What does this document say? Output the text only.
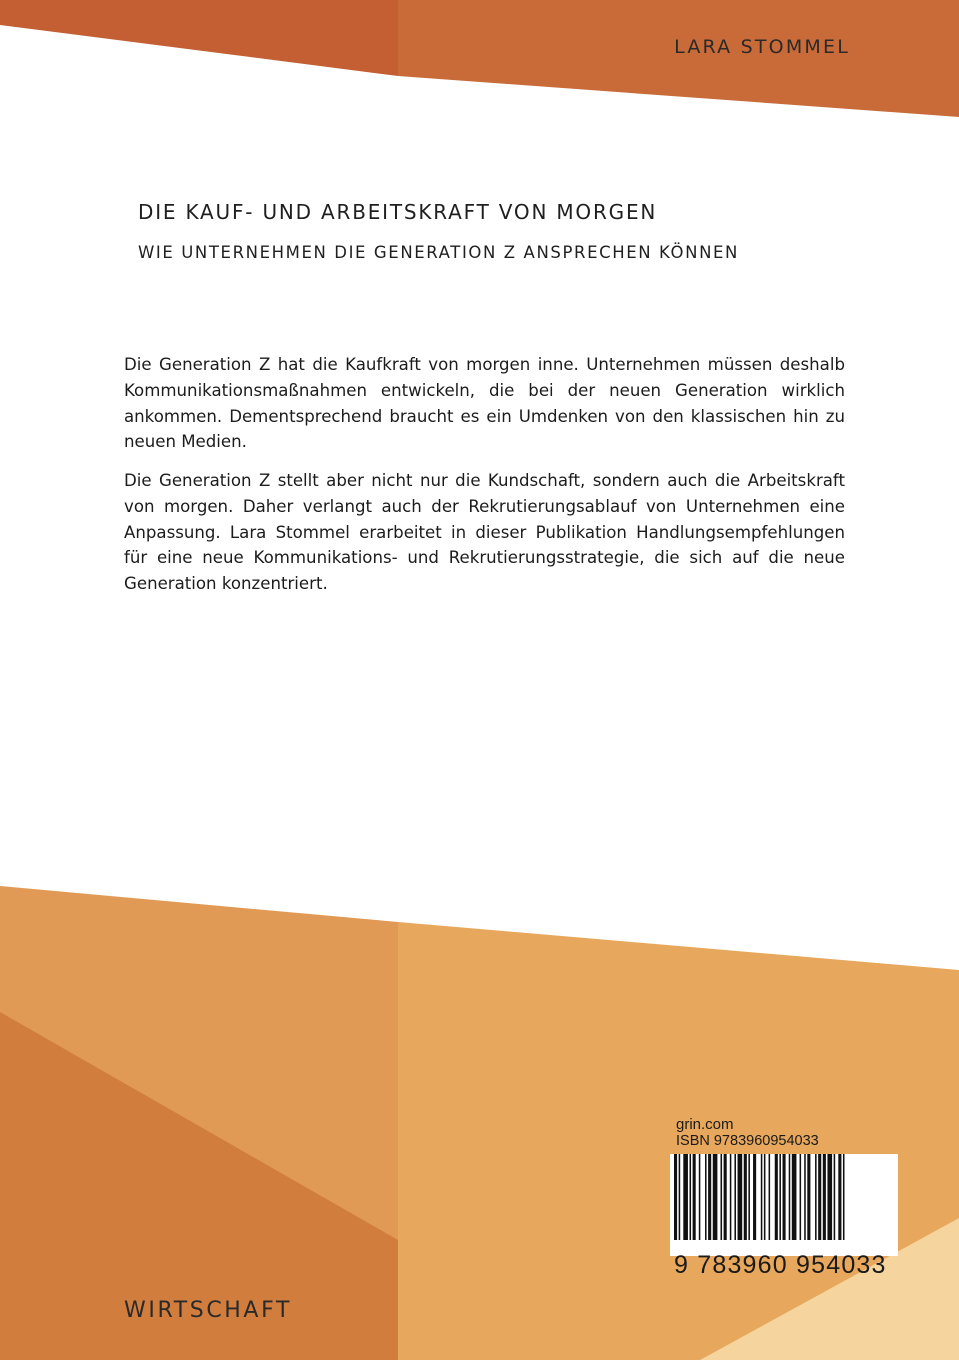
LARA STOMMEL
DIE KAUF- UND ARBEITSKRAFT VON MORGEN
WIE UNTERNEHMEN DIE GENERATION Z ANSPRECHEN KÖNNEN

Die Generation Z hat die Kaufkraft von morgen inne. Unternehmen müssen deshalb Kommunikationsmaßnahmen entwickeln, die bei der neuen Generation wirklich ankommen. Dementsprechend braucht es ein Umdenken von den klassischen hin zu neuen Medien.

Die Generation Z stellt aber nicht nur die Kundschaft, sondern auch die Arbeitskraft von morgen. Daher verlangt auch der Rekrutierungsablauf von Unternehmen eine Anpassung. Lara Stommel erarbeitet in dieser Publikation Handlungsempfehlungen für eine neue Kommunikations- und Rekrutierungsstrategie, die sich auf die neue Generation konzentriert.

grin.com
ISBN 9783960954033
9 783960 954033
WIRTSCHAFT
